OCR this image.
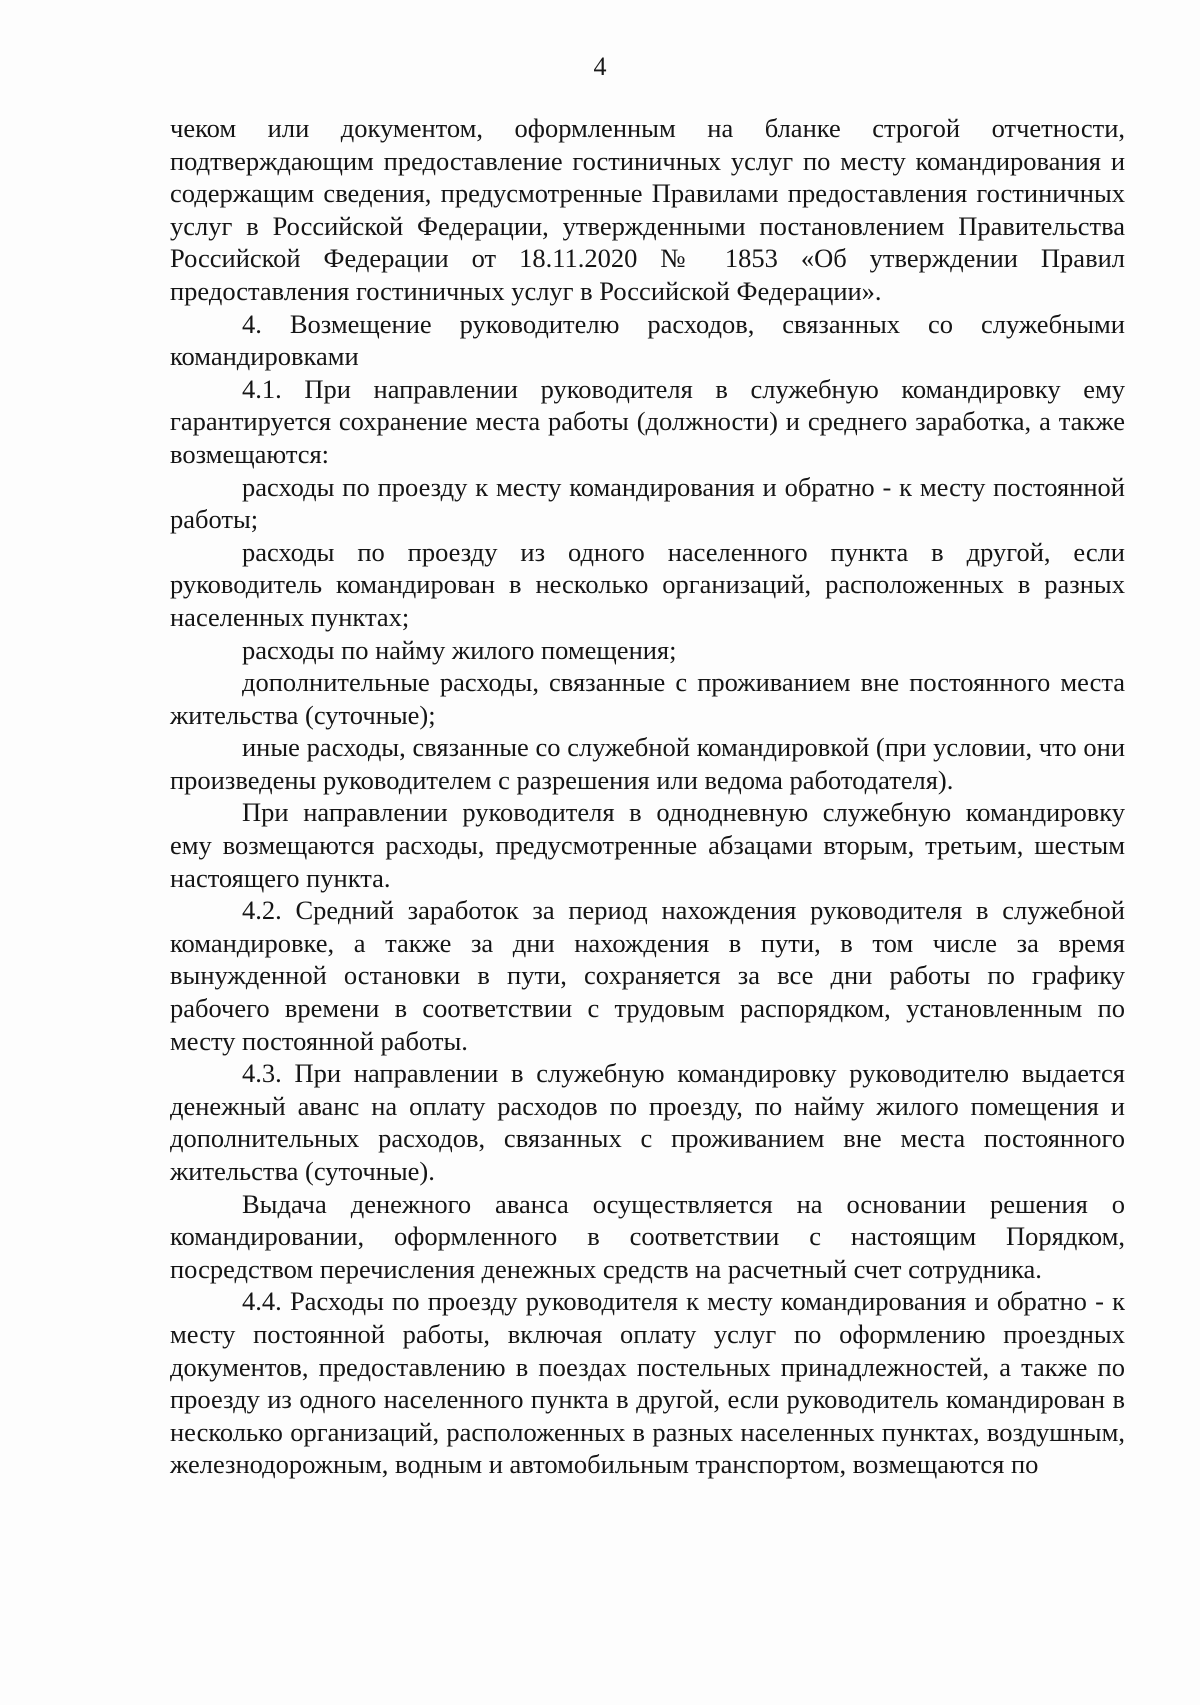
4

чеком или документом, оформленным на бланке строгой отчетности, подтверждающим предоставление гостиничных услуг по месту командирования и содержащим сведения, предусмотренные Правилами предоставления гостиничных услуг в Российской Федерации, утвержденными постановлением Правительства Российской Федерации от 18.11.2020 № 1853 «Об утверждении Правил предоставления гостиничных услуг в Российской Федерации».

4. Возмещение руководителю расходов, связанных со служебными командировками

4.1. При направлении руководителя в служебную командировку ему гарантируется сохранение места работы (должности) и среднего заработка, а также возмещаются:

расходы по проезду к месту командирования и обратно - к месту постоянной работы;

расходы по проезду из одного населенного пункта в другой, если руководитель командирован в несколько организаций, расположенных в разных населенных пунктах;

расходы по найму жилого помещения;

дополнительные расходы, связанные с проживанием вне постоянного места жительства (суточные);

иные расходы, связанные со служебной командировкой (при условии, что они произведены руководителем с разрешения или ведома работодателя).

При направлении руководителя в однодневную служебную командировку ему возмещаются расходы, предусмотренные абзацами вторым, третьим, шестым настоящего пункта.

4.2. Средний заработок за период нахождения руководителя в служебной командировке, а также за дни нахождения в пути, в том числе за время вынужденной остановки в пути, сохраняется за все дни работы по графику рабочего времени в соответствии с трудовым распорядком, установленным по месту постоянной работы.

4.3. При направлении в служебную командировку руководителю выдается денежный аванс на оплату расходов по проезду, по найму жилого помещения и дополнительных расходов, связанных с проживанием вне места постоянного жительства (суточные).

Выдача денежного аванса осуществляется на основании решения о командировании, оформленного в соответствии с настоящим Порядком, посредством перечисления денежных средств на расчетный счет сотрудника.

4.4. Расходы по проезду руководителя к месту командирования и обратно - к месту постоянной работы, включая оплату услуг по оформлению проездных документов, предоставлению в поездах постельных принадлежностей, а также по проезду из одного населенного пункта в другой, если руководитель командирован в несколько организаций, расположенных в разных населенных пунктах, воздушным, железнодорожным, водным и автомобильным транспортом, возмещаются по
